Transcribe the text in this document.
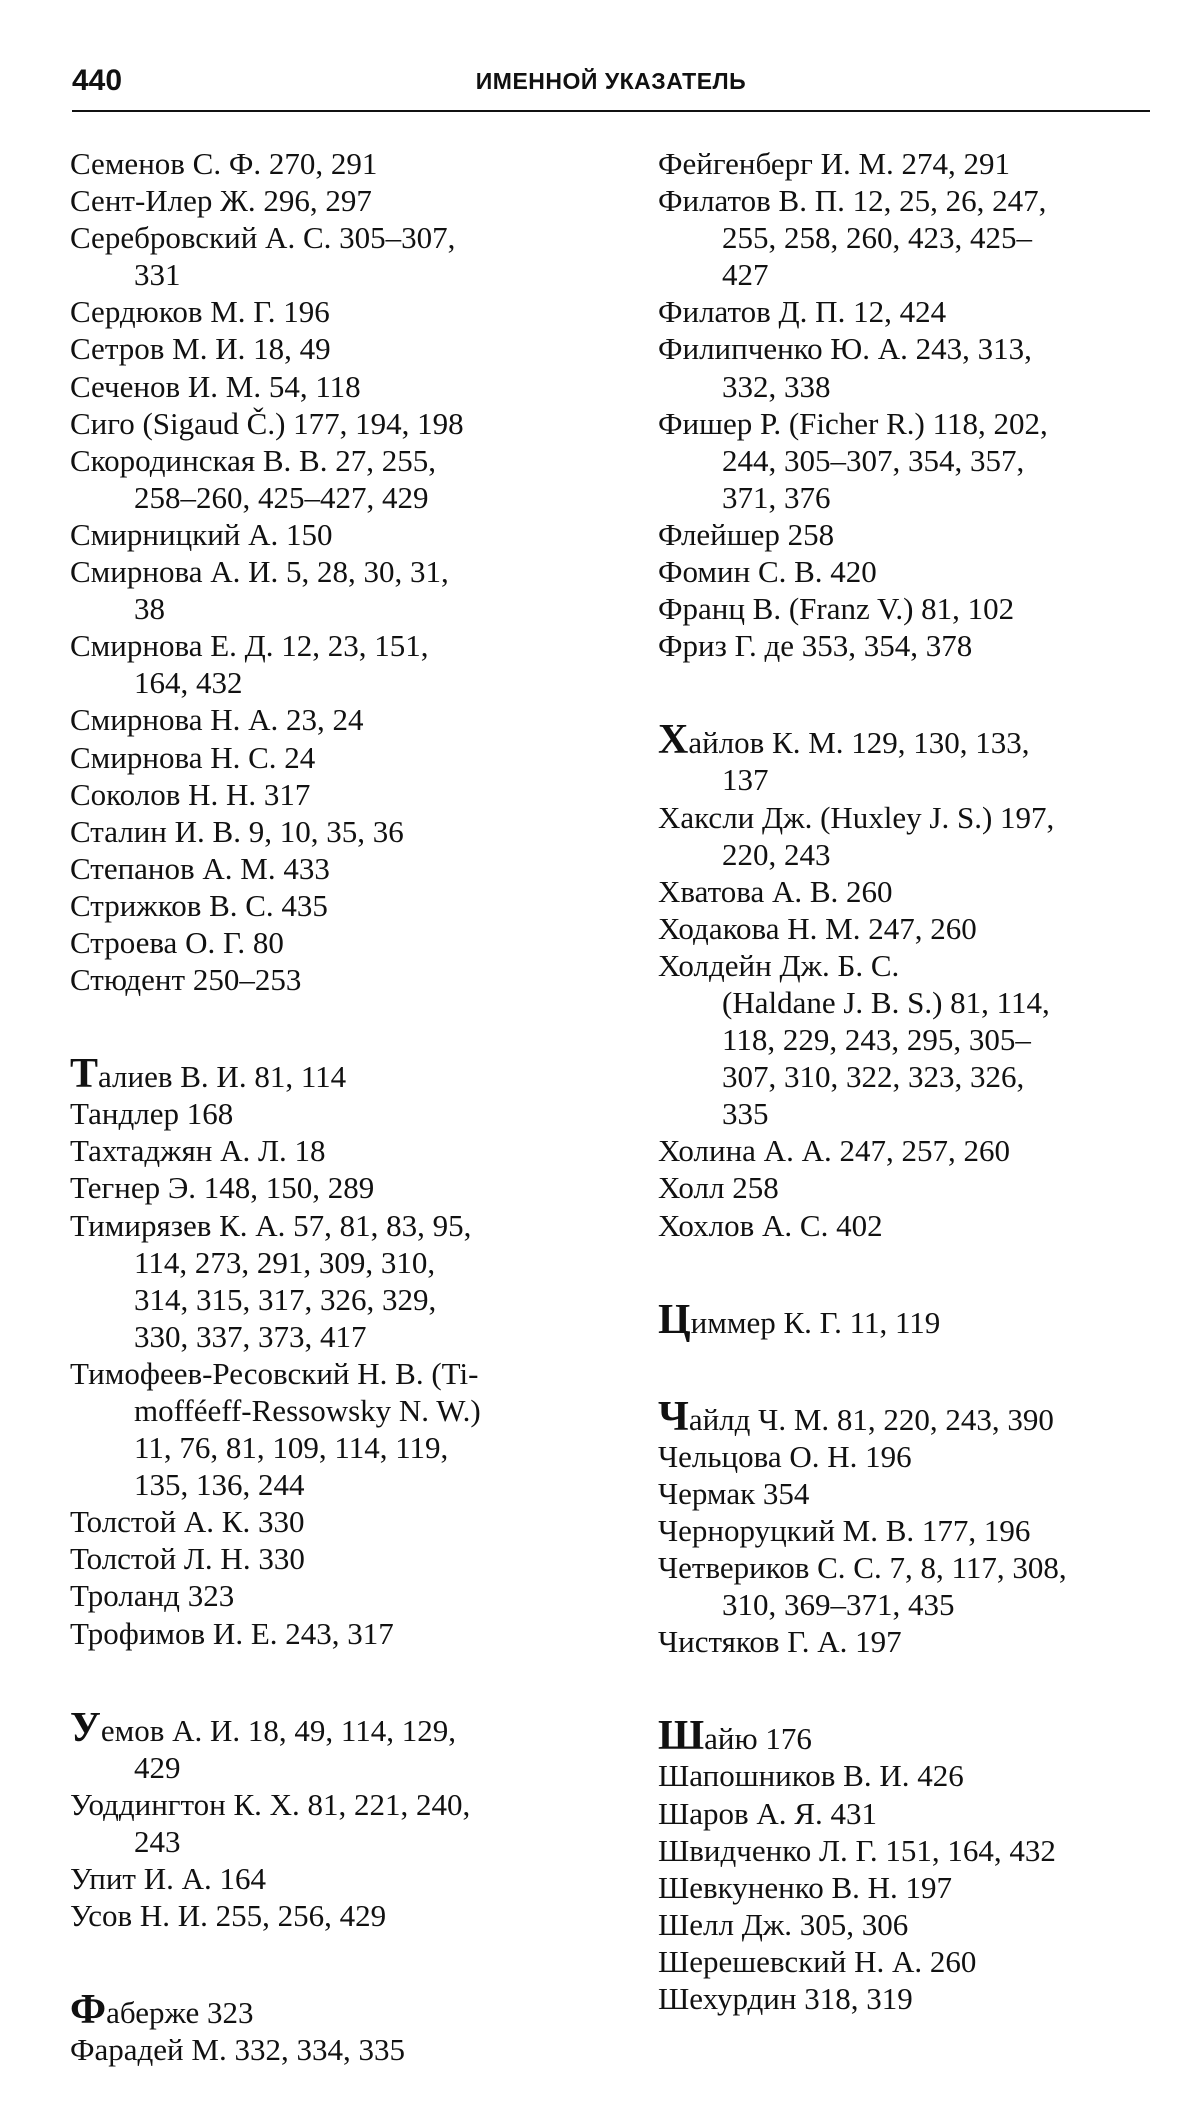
440	ИМЕННОЙ УКАЗАТЕЛЬ
Семенов С. Ф. 270, 291
Сент-Илер Ж. 296, 297
Серебровский А. С. 305–307,
331
Сердюков М. Г. 196
Сетров М. И. 18, 49
Сеченов И. М. 54, 118
Сиго (Sigaud Č.) 177, 194, 198
Скородинская В. В. 27, 255,
258–260, 425–427, 429
Смирницкий А. 150
Смирнова А. И. 5, 28, 30, 31,
38
Смирнова Е. Д. 12, 23, 151,
164, 432
Смирнова Н. А. 23, 24
Смирнова Н. С. 24
Соколов Н. Н. 317
Сталин И. В. 9, 10, 35, 36
Степанов А. М. 433
Стрижков В. С. 435
Строева О. Г. 80
Стюдент 250–253
Талиев В. И. 81, 114
Тандлер 168
Тахтаджян А. Л. 18
Тегнер Э. 148, 150, 289
Тимирязев К. А. 57, 81, 83, 95,
114, 273, 291, 309, 310,
314, 315, 317, 326, 329,
330, 337, 373, 417
Тимофеев-Ресовский Н. В. (Ti-
mofféeff-Ressowsky N. W.)
11, 76, 81, 109, 114, 119,
135, 136, 244
Толстой А. К. 330
Толстой Л. Н. 330
Троланд 323
Трофимов И. Е. 243, 317
Уемов А. И. 18, 49, 114, 129,
429
Уоддингтон К. Х. 81, 221, 240,
243
Упит И. А. 164
Усов Н. И. 255, 256, 429
Фаберже 323
Фарадей М. 332, 334, 335
Фейгенберг И. М. 274, 291
Филатов В. П. 12, 25, 26, 247,
255, 258, 260, 423, 425–
427
Филатов Д. П. 12, 424
Филипченко Ю. А. 243, 313,
332, 338
Фишер Р. (Ficher R.) 118, 202,
244, 305–307, 354, 357,
371, 376
Флейшер 258
Фомин С. В. 420
Франц В. (Franz V.) 81, 102
Фриз Г. де 353, 354, 378
Хайлов К. М. 129, 130, 133,
137
Хаксли Дж. (Huxley J. S.) 197,
220, 243
Хватова А. В. 260
Ходакова Н. М. 247, 260
Холдейн Дж. Б. С.
(Haldane J. B. S.) 81, 114,
118, 229, 243, 295, 305–
307, 310, 322, 323, 326,
335
Холина А. А. 247, 257, 260
Холл 258
Хохлов А. С. 402
Циммер К. Г. 11, 119
Чайлд Ч. М. 81, 220, 243, 390
Чельцова О. Н. 196
Чермак 354
Черноруцкий М. В. 177, 196
Четвериков С. С. 7, 8, 117, 308,
310, 369–371, 435
Чистяков Г. А. 197
Шайю 176
Шапошников В. И. 426
Шаров А. Я. 431
Швидченко Л. Г. 151, 164, 432
Шевкуненко В. Н. 197
Шелл Дж. 305, 306
Шерешевский Н. А. 260
Шехурдин 318, 319
